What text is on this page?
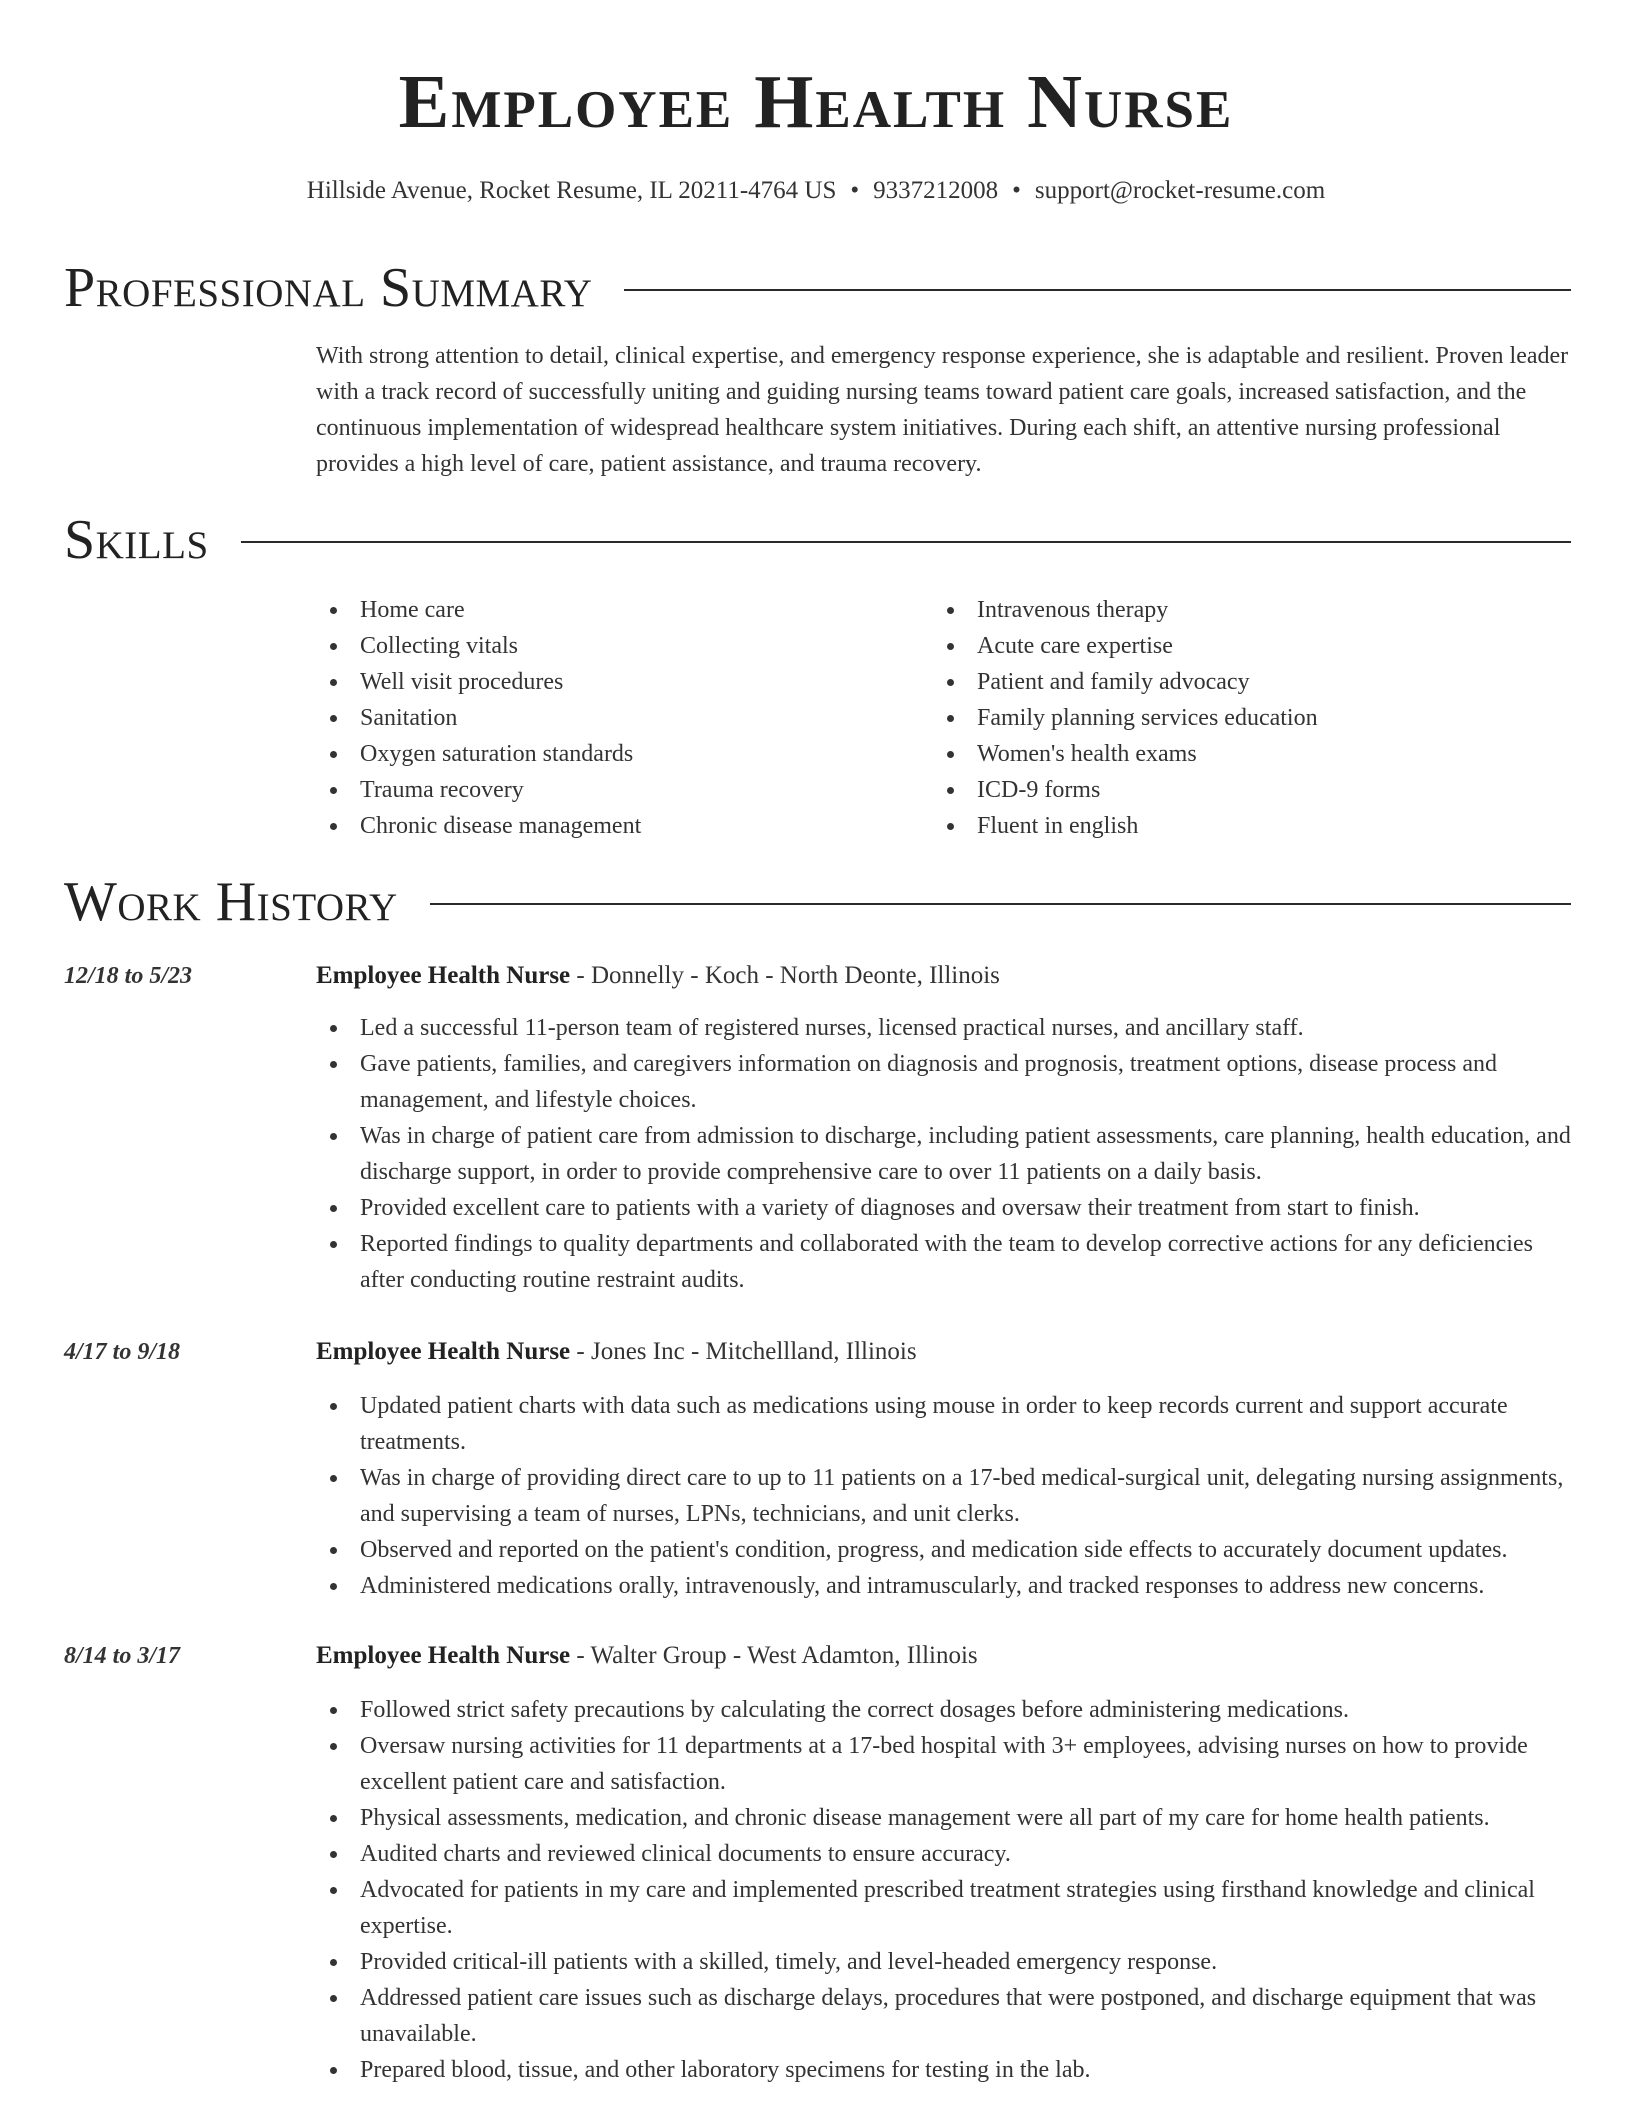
Employee Health Nurse
Hillside Avenue, Rocket Resume, IL 20211-4764 US • 9337212008 • support@rocket-resume.com
Professional Summary

With strong attention to detail, clinical expertise, and emergency response experience, she is adaptable and resilient. Proven leader with a track record of successfully uniting and guiding nursing teams toward patient care goals, increased satisfaction, and the continuous implementation of widespread healthcare system initiatives. During each shift, an attentive nursing professional provides a high level of care, patient assistance, and trauma recovery.

Skills
Home care
Collecting vitals
Well visit procedures
Sanitation
Oxygen saturation standards
Trauma recovery
Chronic disease management
Intravenous therapy
Acute care expertise
Patient and family advocacy
Family planning services education
Women's health exams
ICD-9 forms
Fluent in english
Work History
12/18 to 5/23	Employee Health Nurse - Donnelly - Koch - North Deonte, Illinois
Led a successful 11-person team of registered nurses, licensed practical nurses, and ancillary staff.
Gave patients, families, and caregivers information on diagnosis and prognosis, treatment options, disease process and management, and lifestyle choices.
Was in charge of patient care from admission to discharge, including patient assessments, care planning, health education, and discharge support, in order to provide comprehensive care to over 11 patients on a daily basis.
Provided excellent care to patients with a variety of diagnoses and oversaw their treatment from start to finish.
Reported findings to quality departments and collaborated with the team to develop corrective actions for any deficiencies after conducting routine restraint audits.
4/17 to 9/18	Employee Health Nurse - Jones Inc - Mitchellland, Illinois
Updated patient charts with data such as medications using mouse in order to keep records current and support accurate treatments.
Was in charge of providing direct care to up to 11 patients on a 17-bed medical-surgical unit, delegating nursing assignments, and supervising a team of nurses, LPNs, technicians, and unit clerks.
Observed and reported on the patient's condition, progress, and medication side effects to accurately document updates.
Administered medications orally, intravenously, and intramuscularly, and tracked responses to address new concerns.
8/14 to 3/17	Employee Health Nurse - Walter Group - West Adamton, Illinois
Followed strict safety precautions by calculating the correct dosages before administering medications.
Oversaw nursing activities for 11 departments at a 17-bed hospital with 3+ employees, advising nurses on how to provide excellent patient care and satisfaction.
Physical assessments, medication, and chronic disease management were all part of my care for home health patients.
Audited charts and reviewed clinical documents to ensure accuracy.
Advocated for patients in my care and implemented prescribed treatment strategies using firsthand knowledge and clinical expertise.
Provided critical-ill patients with a skilled, timely, and level-headed emergency response.
Addressed patient care issues such as discharge delays, procedures that were postponed, and discharge equipment that was unavailable.
Prepared blood, tissue, and other laboratory specimens for testing in the lab.
